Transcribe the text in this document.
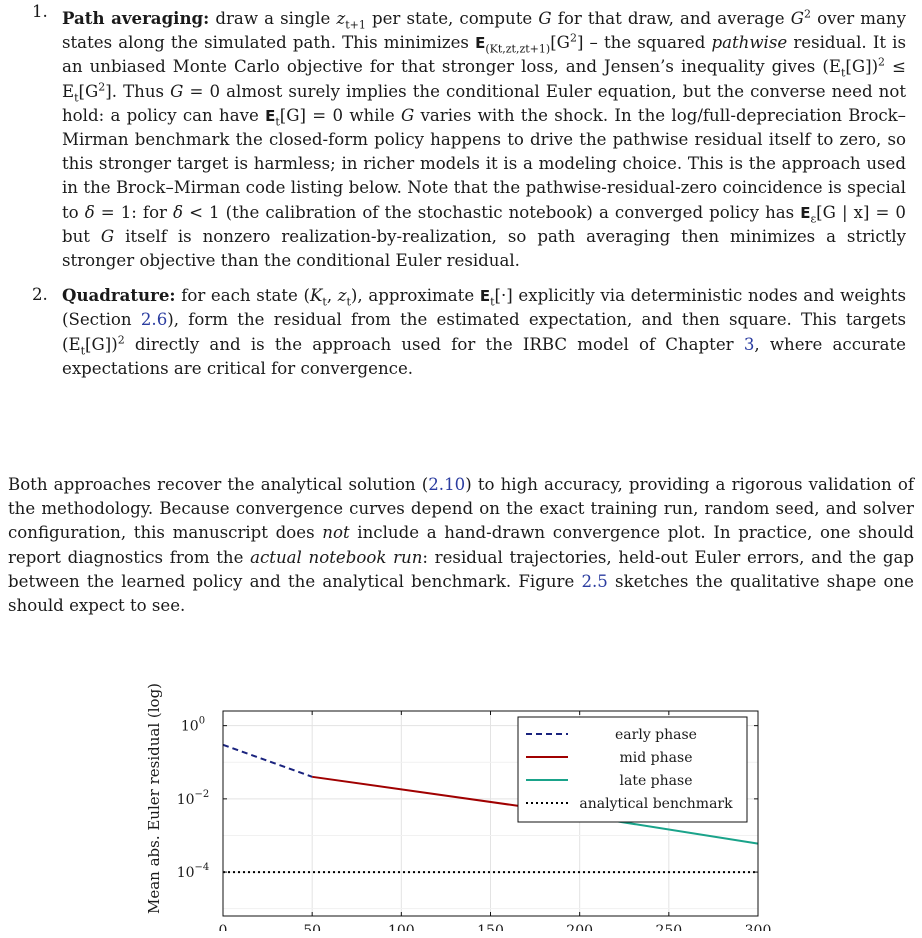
1. Path averaging: draw a single $z_{t+1}$ per state, compute G for that draw, and average $G^2$ over many states along the simulated path. This minimizes $E_{(Kt,zt,zt+1)}[G^2]$ – the squared pathwise residual. It is an unbiased Monte Carlo objective for that stronger loss, and Jensen’s inequality gives $(E_t[G])^2 \le E_t[G^2]$. Thus G = 0 almost surely implies the conditional Euler equation, but the converse need not hold: a policy can have $E_t[G] = 0$ while G varies with the shock. In the log/full-depreciation Brock–Mirman benchmark the closed-form policy happens to drive the pathwise residual itself to zero, so this stronger target is harmless; in richer models it is a modeling choice. This is the approach used in the Brock–Mirman code listing below. Note that the pathwise-residual-zero coincidence is special to δ = 1: for δ < 1 (the calibration of the stochastic notebook) a converged policy has $E_\varepsilon[G$ | x] = 0 but G itself is nonzero realization-by-realization, so path averaging then minimizes a strictly stronger objective than the conditional Euler residual.
2. Quadrature: for each state ($K_t$, $z_t$), approximate $E_t[\cdot]$ explicitly via deterministic nodes and weights (Section 2.6), form the residual from the estimated expectation, and then square. This targets $(E_t[G])^2$ directly and is the approach used for the IRBC model of Chapter 3, where accurate expectations are critical for convergence.
Both approaches recover the analytical solution (2.10) to high accuracy, providing a rigorous validation of the methodology. Because convergence curves depend on the exact training run, random seed, and solver configuration, this manuscript does not include a hand-drawn convergence plot. In practice, one should report diagnostics from the actual notebook run: residual trajectories, held-out Euler errors, and the gap between the learned policy and the analytical benchmark. Figure 2.5 sketches the qualitative shape one should expect to see.
0	50	100	150	200	250	300
$10^0$
$10^{-2}$
$10^{-4}$
Mean abs. Euler residual (log)	early phase
mid phase
late phase
analytical benchmark
